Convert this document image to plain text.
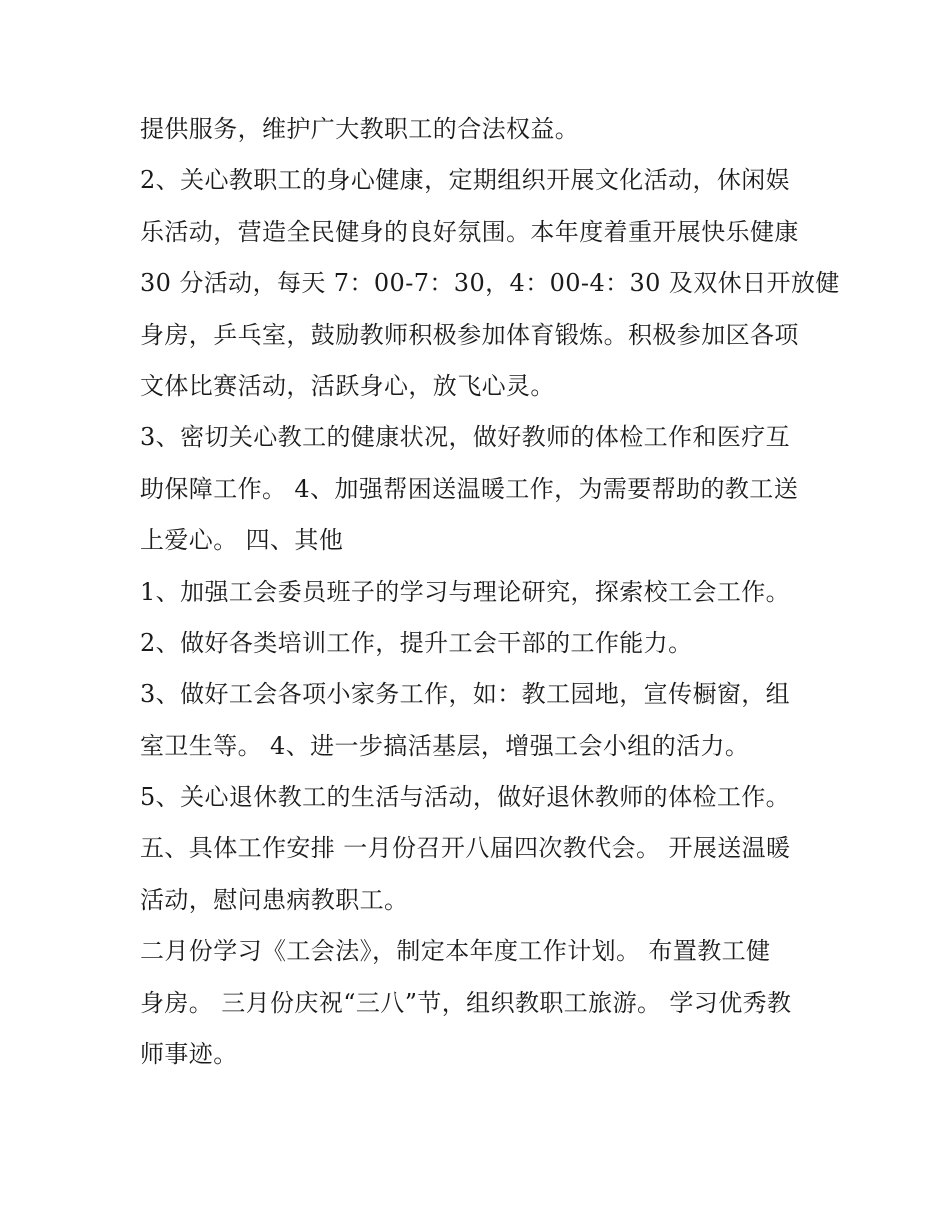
提供服务，维护广大教职工的合法权益。
2、关心教职工的身心健康，定期组织开展文化活动，休闲娱
乐活动，营造全民健身的良好氛围。本年度着重开展快乐健康
30 分活动，每天 7：00-7：30，4：00-4：30 及双休日开放健
身房，乒乓室，鼓励教师积极参加体育锻炼。积极参加区各项
文体比赛活动，活跃身心，放飞心灵。
3、密切关心教工的健康状况，做好教师的体检工作和医疗互
助保障工作。 4、加强帮困送温暖工作，为需要帮助的教工送
上爱心。 四、其他
1、加强工会委员班子的学习与理论研究，探索校工会工作。
2、做好各类培训工作，提升工会干部的工作能力。
3、做好工会各项小家务工作，如：教工园地，宣传橱窗，组
室卫生等。 4、进一步搞活基层，增强工会小组的活力。
5、关心退休教工的生活与活动，做好退休教师的体检工作。
五、具体工作安排 一月份召开八届四次教代会。 开展送温暖
活动，慰问患病教职工。
二月份学习《工会法》，制定本年度工作计划。 布置教工健
身房。 三月份庆祝“三八”节，组织教职工旅游。 学习优秀教
师事迹。
